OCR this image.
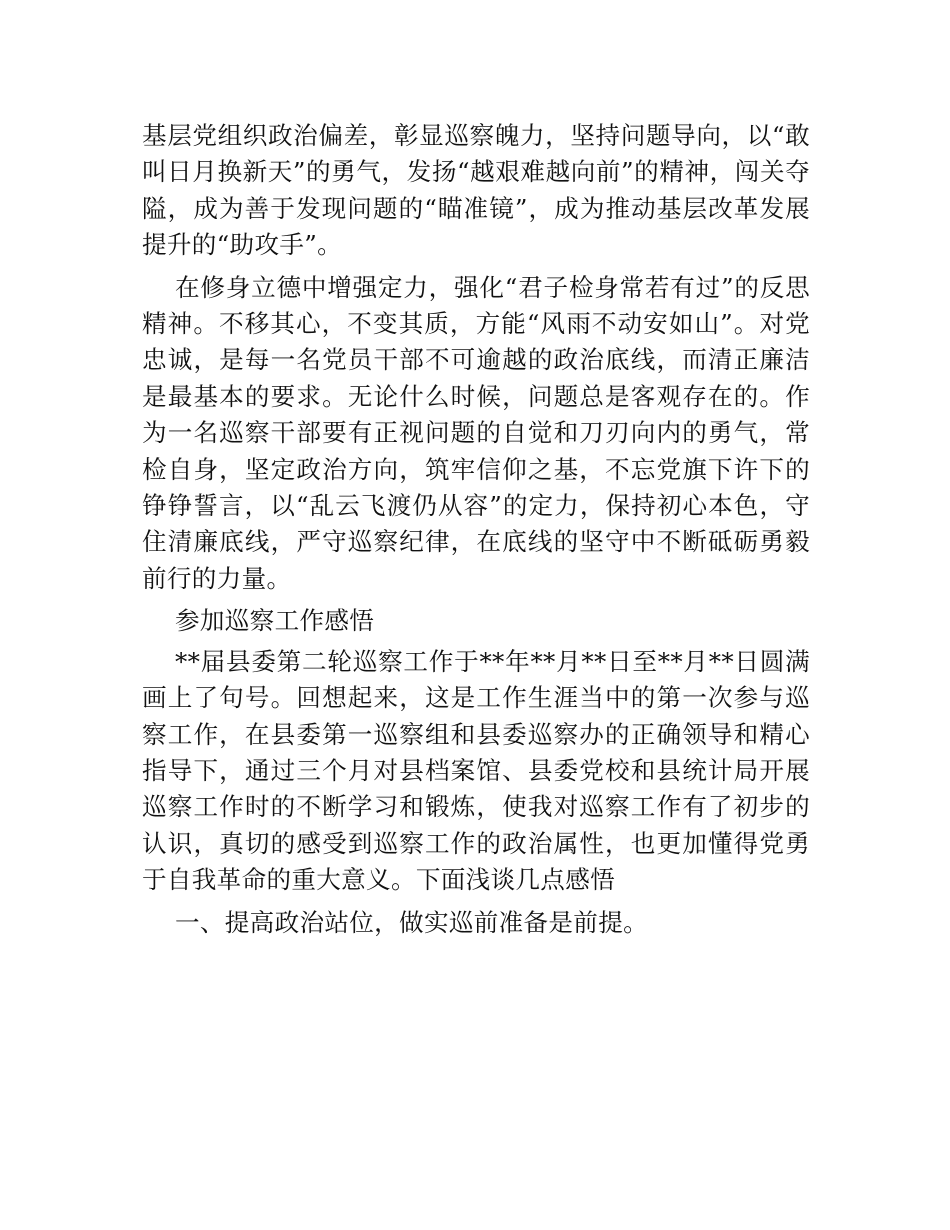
基层党组织政治偏差，彰显巡察魄力，坚持问题导向，以“敢叫日月换新天”的勇气，发扬“越艰难越向前”的精神，闯关夺隘，成为善于发现问题的“瞄准镜”，成为推动基层改革发展提升的“助攻手”。

在修身立德中增强定力，强化“君子检身常若有过”的反思精神。不移其心，不变其质，方能“风雨不动安如山”。对党忠诚，是每一名党员干部不可逾越的政治底线，而清正廉洁是最基本的要求。无论什么时候，问题总是客观存在的。作为一名巡察干部要有正视问题的自觉和刀刃向内的勇气，常检自身，坚定政治方向，筑牢信仰之基，不忘党旗下许下的铮铮誓言，以“乱云飞渡仍从容”的定力，保持初心本色，守住清廉底线，严守巡察纪律，在底线的坚守中不断砥砺勇毅前行的力量。

参加巡察工作感悟

**届县委第二轮巡察工作于**年**月**日至**月**日圆满画上了句号。回想起来，这是工作生涯当中的第一次参与巡察工作，在县委第一巡察组和县委巡察办的正确领导和精心指导下，通过三个月对县档案馆、县委党校和县统计局开展巡察工作时的不断学习和锻炼，使我对巡察工作有了初步的认识，真切的感受到巡察工作的政治属性，也更加懂得党勇于自我革命的重大意义。下面浅谈几点感悟

一、提高政治站位，做实巡前准备是前提。
